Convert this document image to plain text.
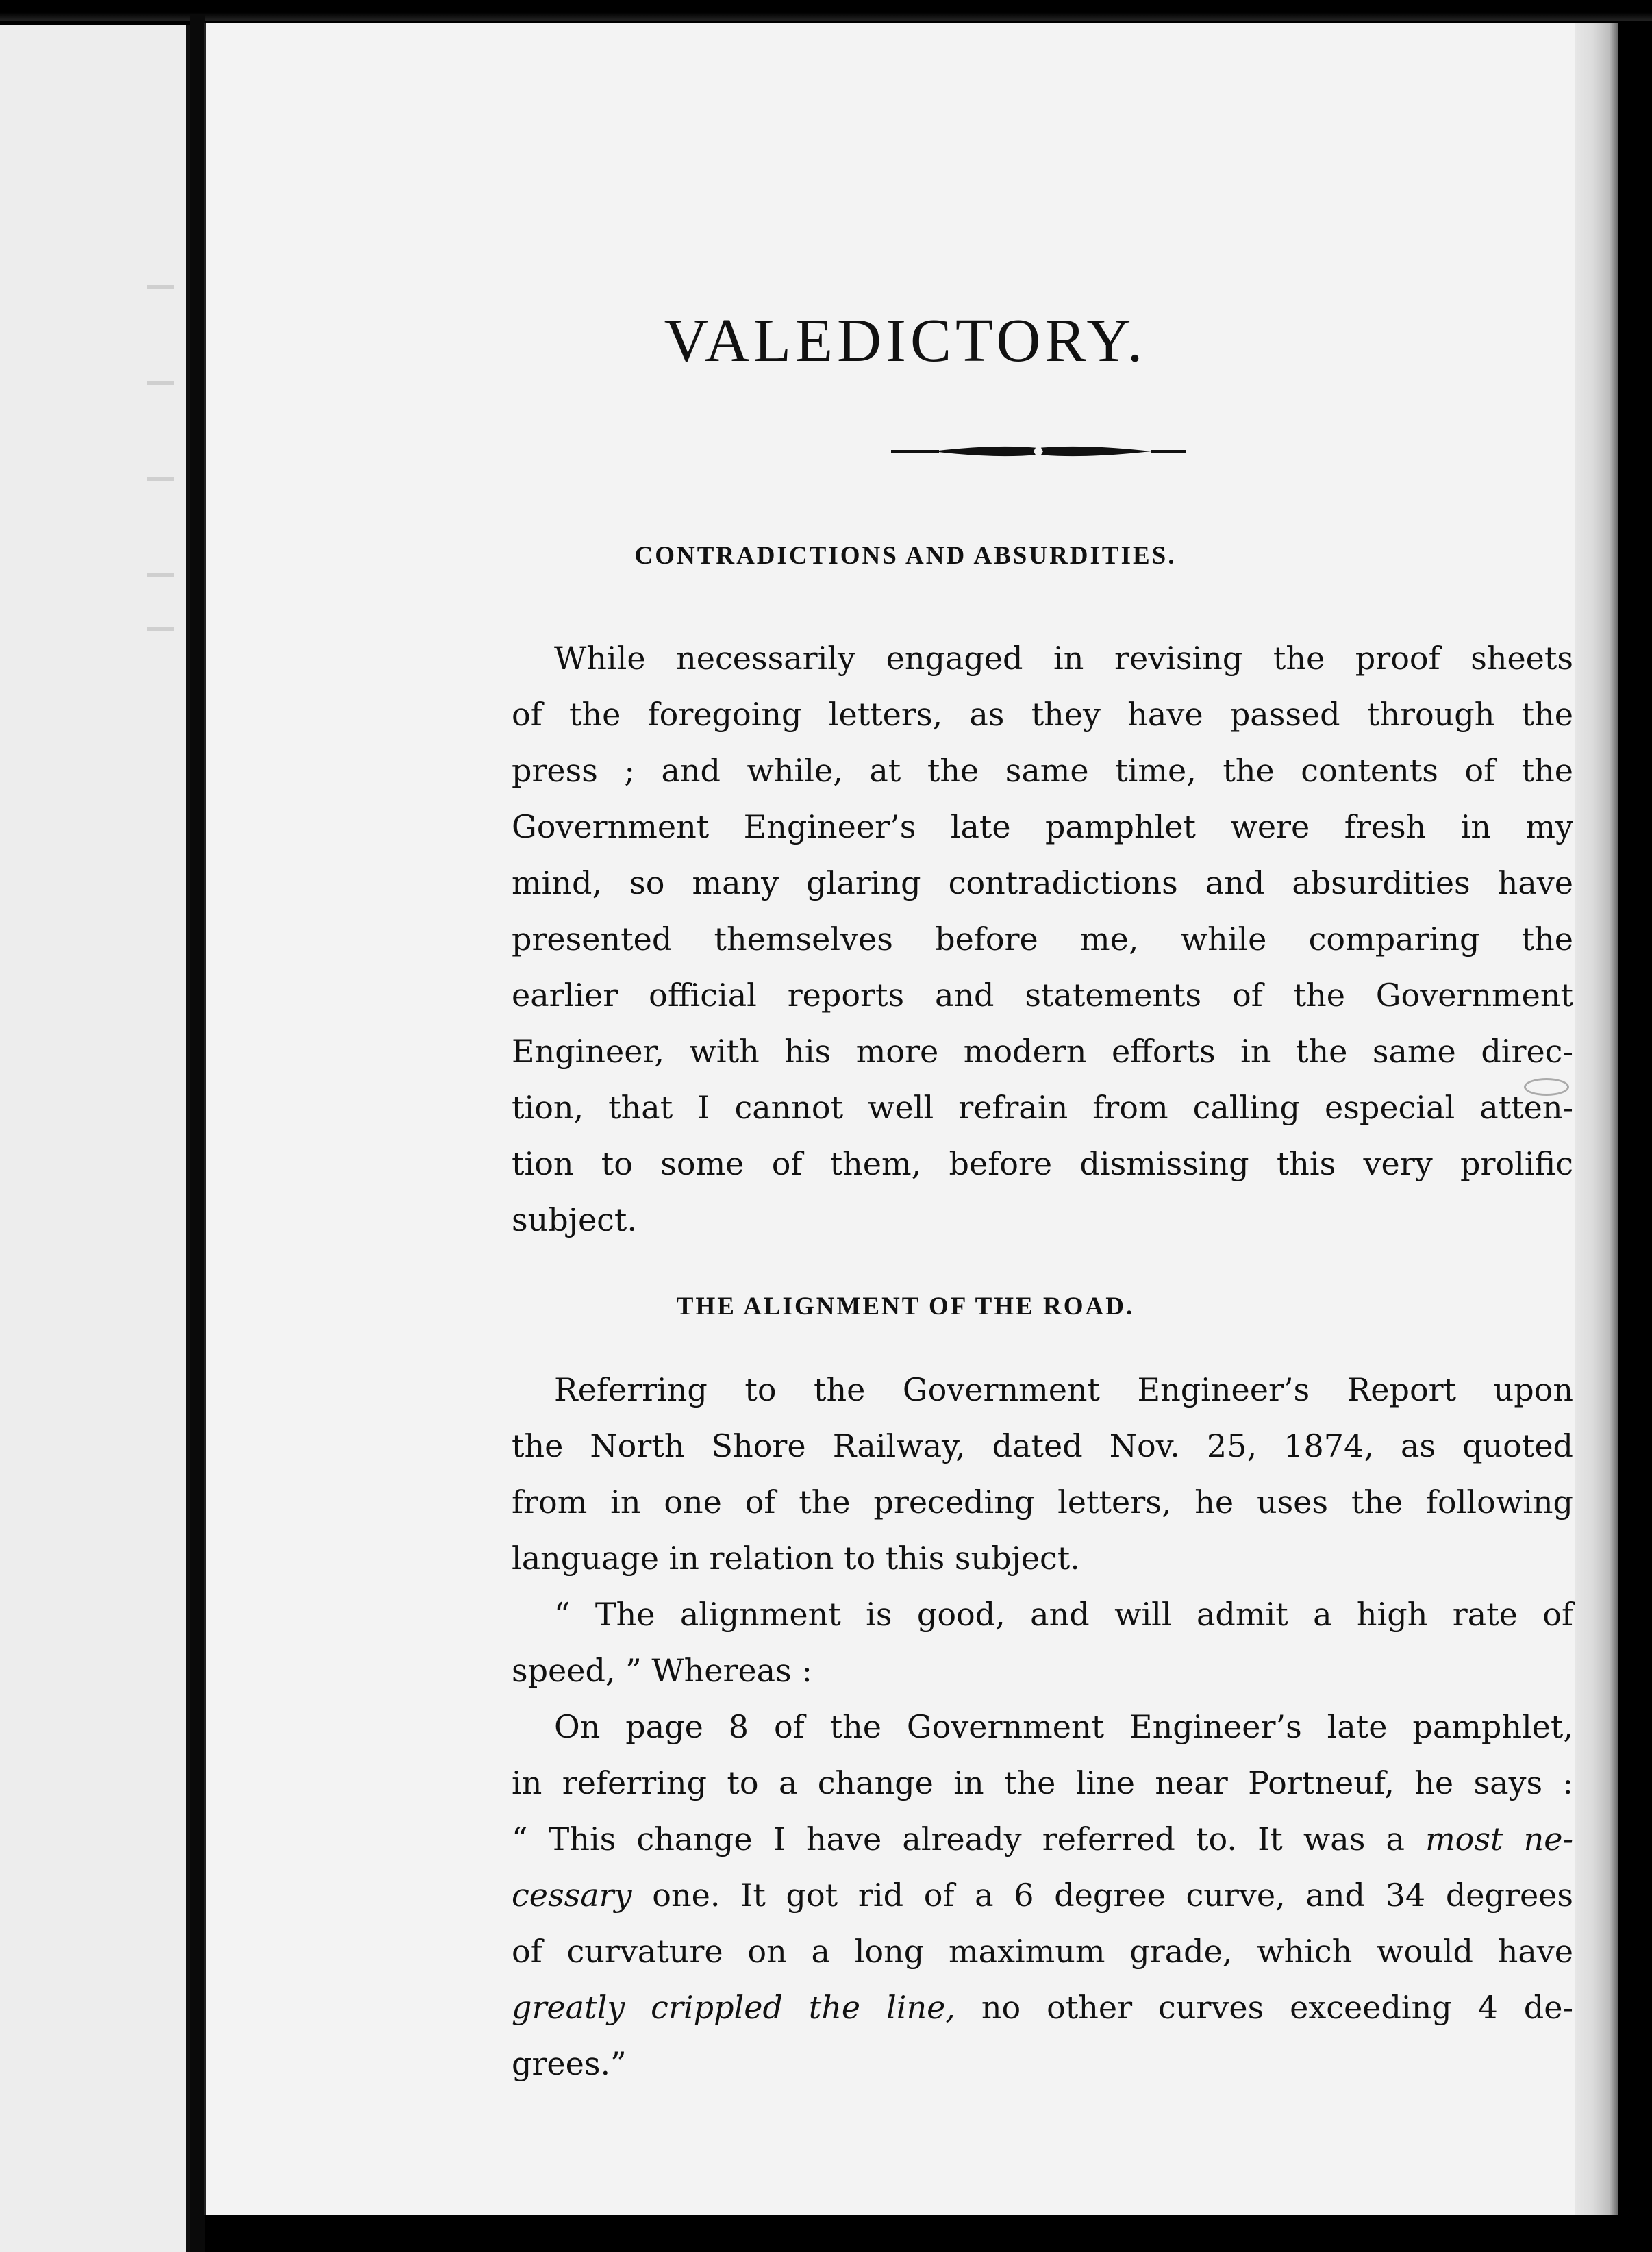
VALEDICTORY.
CONTRADICTIONS AND ABSURDITIES.
While necessarily engaged in revising the proof sheets
of the foregoing letters, as they have passed through the
press ; and while, at the same time, the contents of the
Government Engineer’s late pamphlet were fresh in my
mind, so many glaring contradictions and absurdities have
presented themselves before me, while comparing the
earlier official reports and statements of the Government
Engineer, with his more modern efforts in the same direc-
tion, that I cannot well refrain from calling especial atten-
tion to some of them, before dismissing this very prolific
subject.
THE ALIGNMENT OF THE ROAD.
Referring to the Government Engineer’s Report upon
the North Shore Railway, dated Nov. 25, 1874, as quoted
from in one of the preceding letters, he uses the following
language in relation to this subject.
“ The alignment is good, and will admit a high rate of
speed, ” Whereas :
On page 8 of the Government Engineer’s late pamphlet,
in referring to a change in the line near Portneuf, he says :
“ This change I have already referred to. It was a most ne-
cessary one. It got rid of a 6 degree curve, and 34 degrees
of curvature on a long maximum grade, which would have
greatly crippled the line, no other curves exceeding 4 de-
grees.”
